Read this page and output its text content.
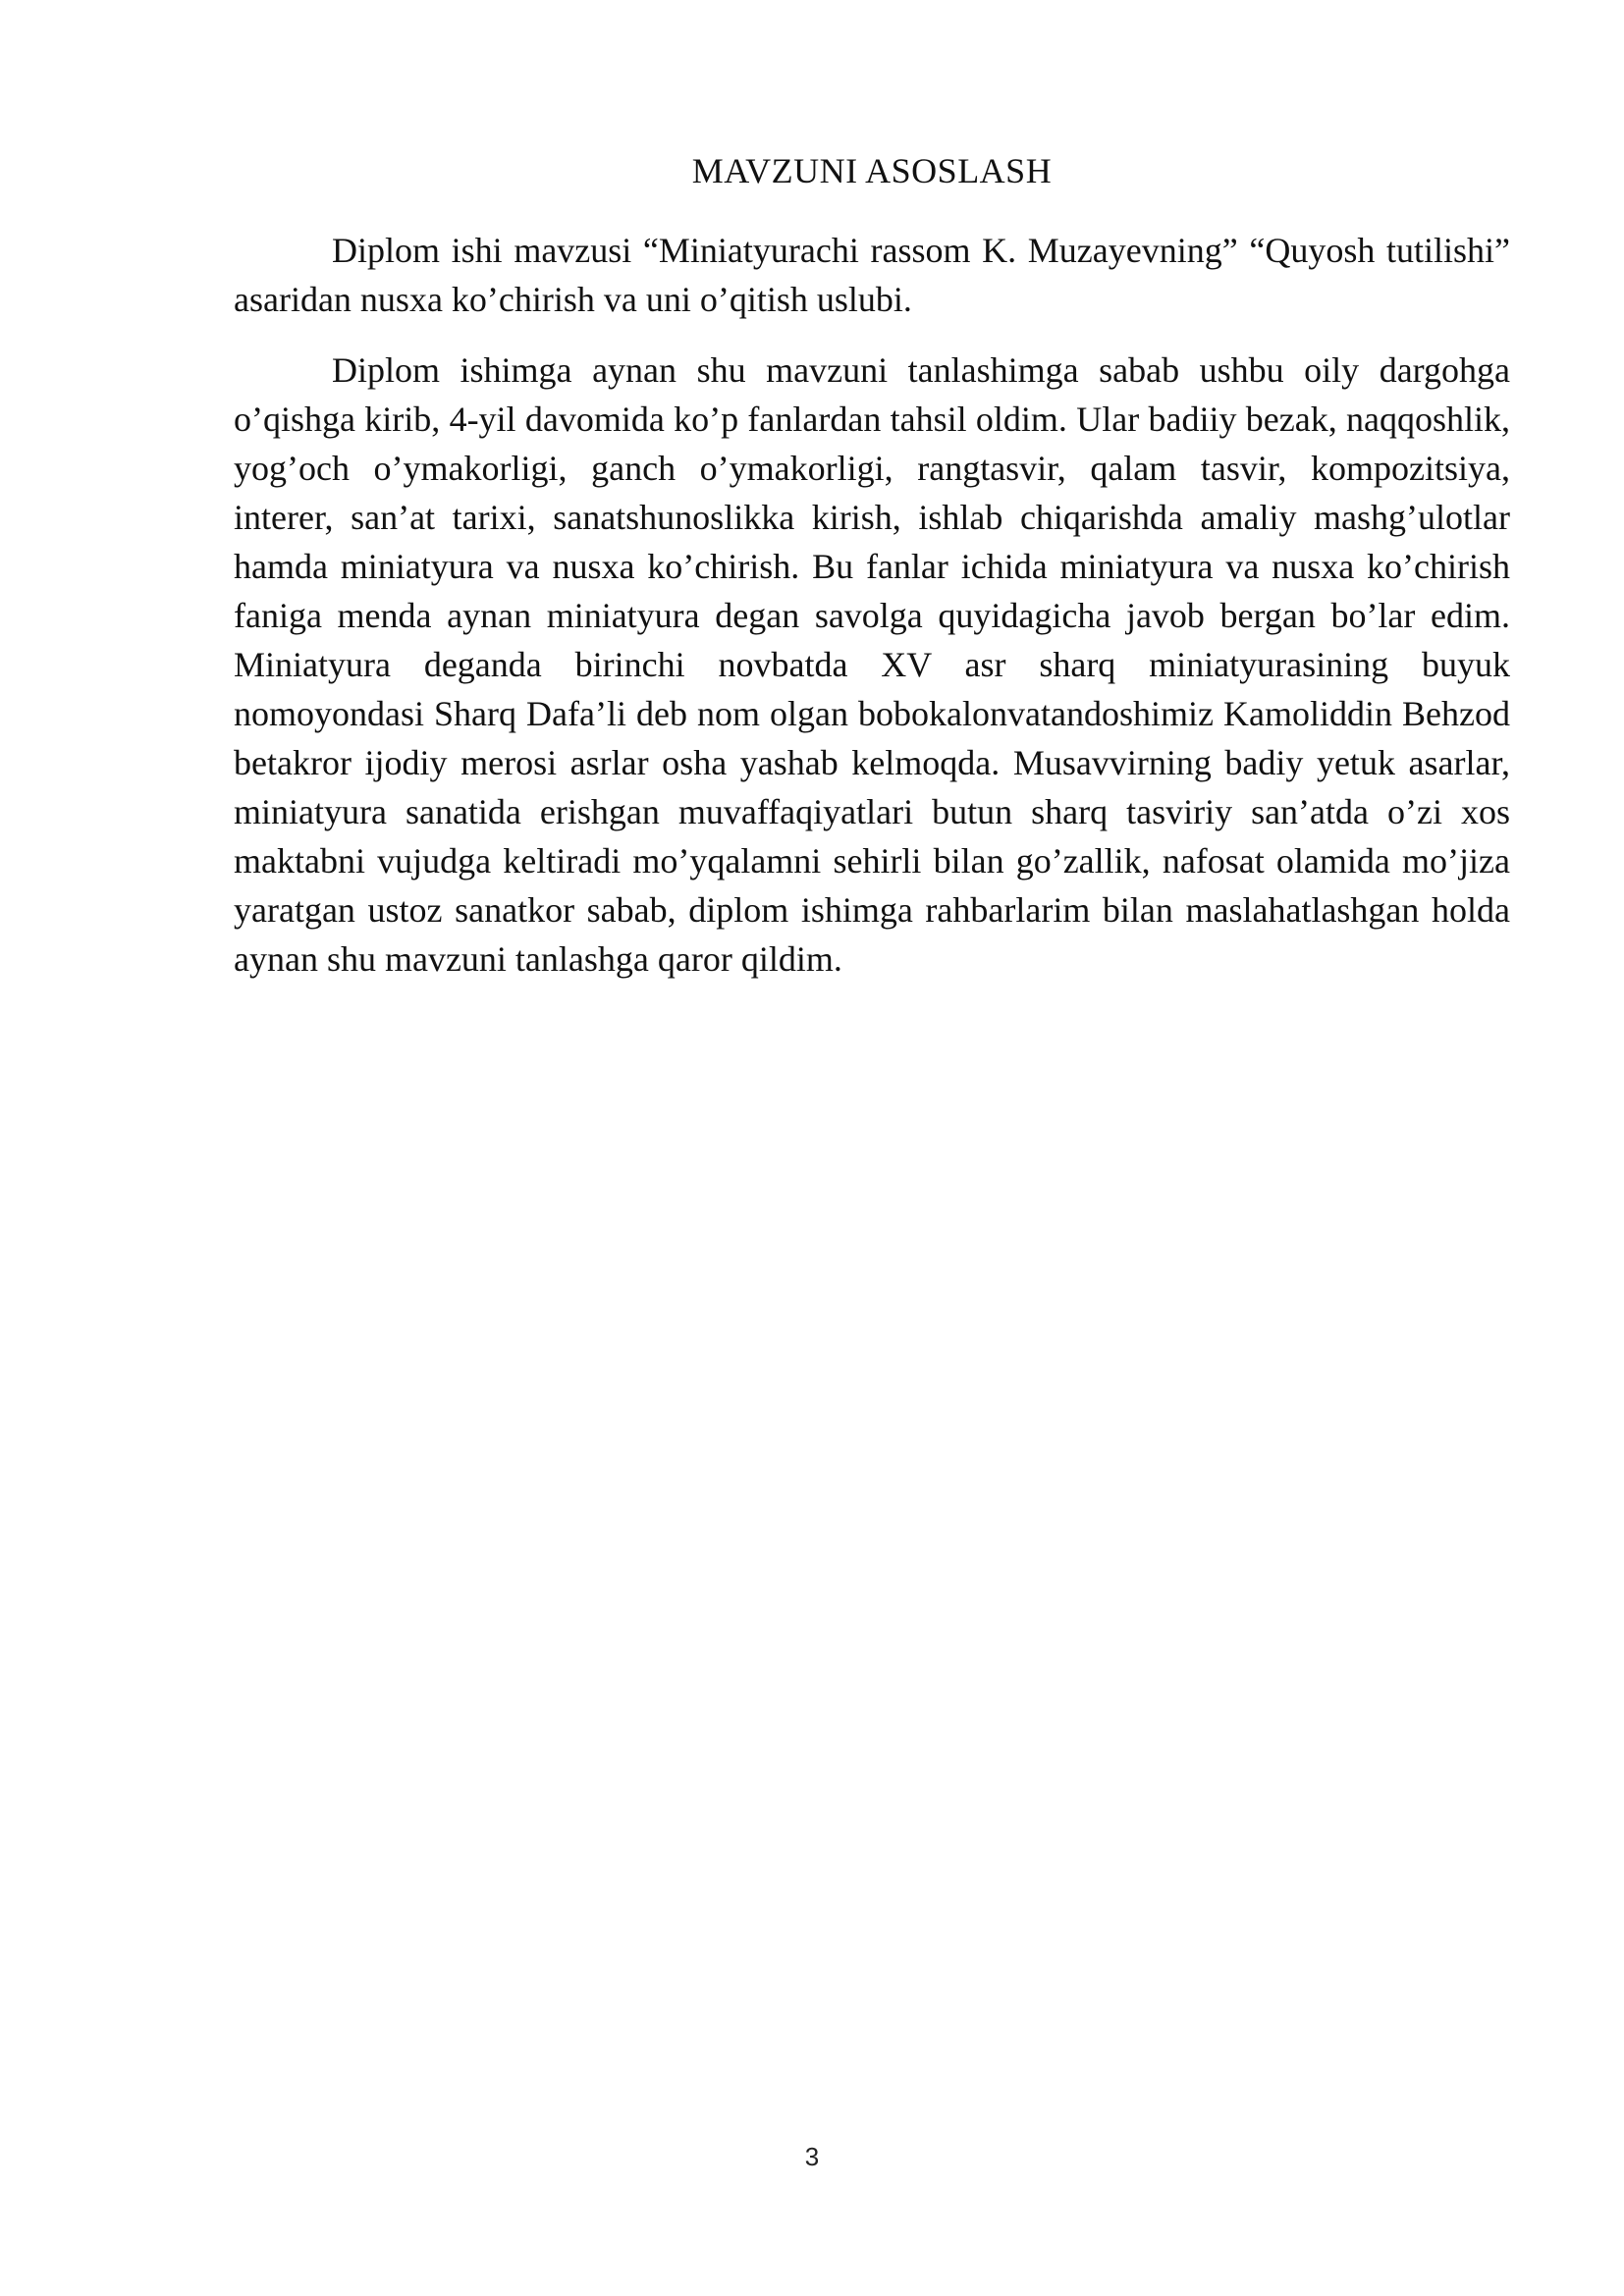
MAVZUNI ASOSLASH

Diplom ishi mavzusi “Miniatyurachi rassom K. Muzayevning” “Quyosh tutilishi” asaridan nusxa ko’chirish va uni o’qitish uslubi.

Diplom ishimga aynan shu mavzuni tanlashimga sabab ushbu oily dargohga o’qishga kirib, 4-yil davomida ko’p fanlardan tahsil oldim. Ular badiiy bezak, naqqoshlik, yog’och o’ymakorligi, ganch o’ymakorligi, rangtasvir, qalam tasvir, kompozitsiya, interer, san’at tarixi, sanatshunoslikka kirish, ishlab chiqarishda amaliy mashg’ulotlar hamda miniatyura va nusxa ko’chirish. Bu fanlar ichida miniatyura va nusxa ko’chirish faniga menda aynan miniatyura degan savolga quyidagicha javob bergan bo’lar edim. Miniatyura deganda birinchi novbatda XV asr sharq miniatyurasining buyuk nomoyondasi Sharq Dafa’li deb nom olgan bobokalonvatandoshimiz Kamoliddin Behzod betakror ijodiy merosi asrlar osha yashab kelmoqda. Musavvirning badiy yetuk asarlar, miniatyura sanatida erishgan muvaffaqiyatlari butun sharq tasviriy san’atda o’zi xos maktabni vujudga keltiradi mo’yqalamni sehirli bilan go’zallik, nafosat olamida mo’jiza yaratgan ustoz sanatkor sabab, diplom ishimga rahbarlarim bilan maslahatlashgan holda aynan shu mavzuni tanlashga qaror qildim.

3
